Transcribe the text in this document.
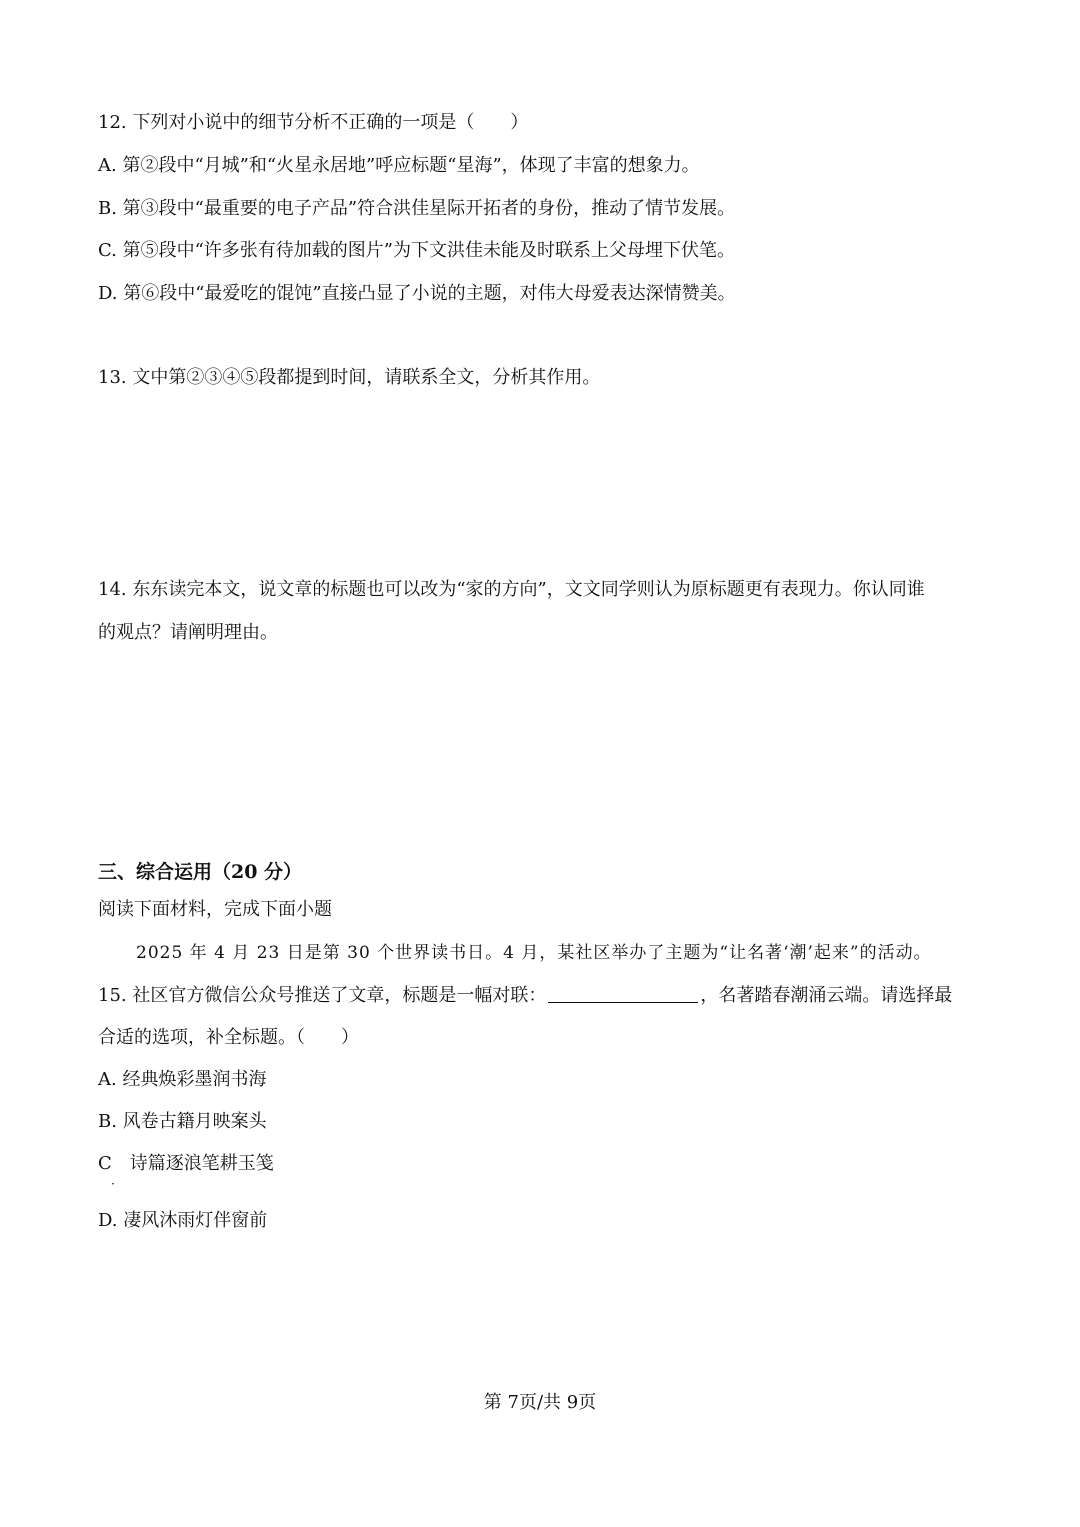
12. 下列对小说中的细节分析不正确的一项是（　　）
A. 第②段中“月城”和“火星永居地”呼应标题“星海”，体现了丰富的想象力。
B. 第③段中“最重要的电子产品”符合洪佳星际开拓者的身份，推动了情节发展。
C. 第⑤段中“许多张有待加载的图片”为下文洪佳未能及时联系上父母埋下伏笔。
D. 第⑥段中“最爱吃的馄饨”直接凸显了小说的主题，对伟大母爱表达深情赞美。
13. 文中第②③④⑤段都提到时间，请联系全文，分析其作用。
14. 东东读完本文，说文章的标题也可以改为“家的方向”，文文同学则认为原标题更有表现力。你认同谁
的观点？请阐明理由。
三、综合运用（20 分）
阅读下面材料，完成下面小题
2025 年 4 月 23 日是第 30 个世界读书日。4 月，某社区举办了主题为“让名著‘潮’起来”的活动。
15. 社区官方微信公众号推送了文章，标题是一幅对联：	，名著踏春潮涌云端。请选择最
合适的选项，补全标题。（　　）
A. 经典焕彩墨润书海
B. 风卷古籍月映案头
C　诗篇逐浪笔耕玉笺
·
D. 凄风沐雨灯伴窗前
第 7页/共 9页
